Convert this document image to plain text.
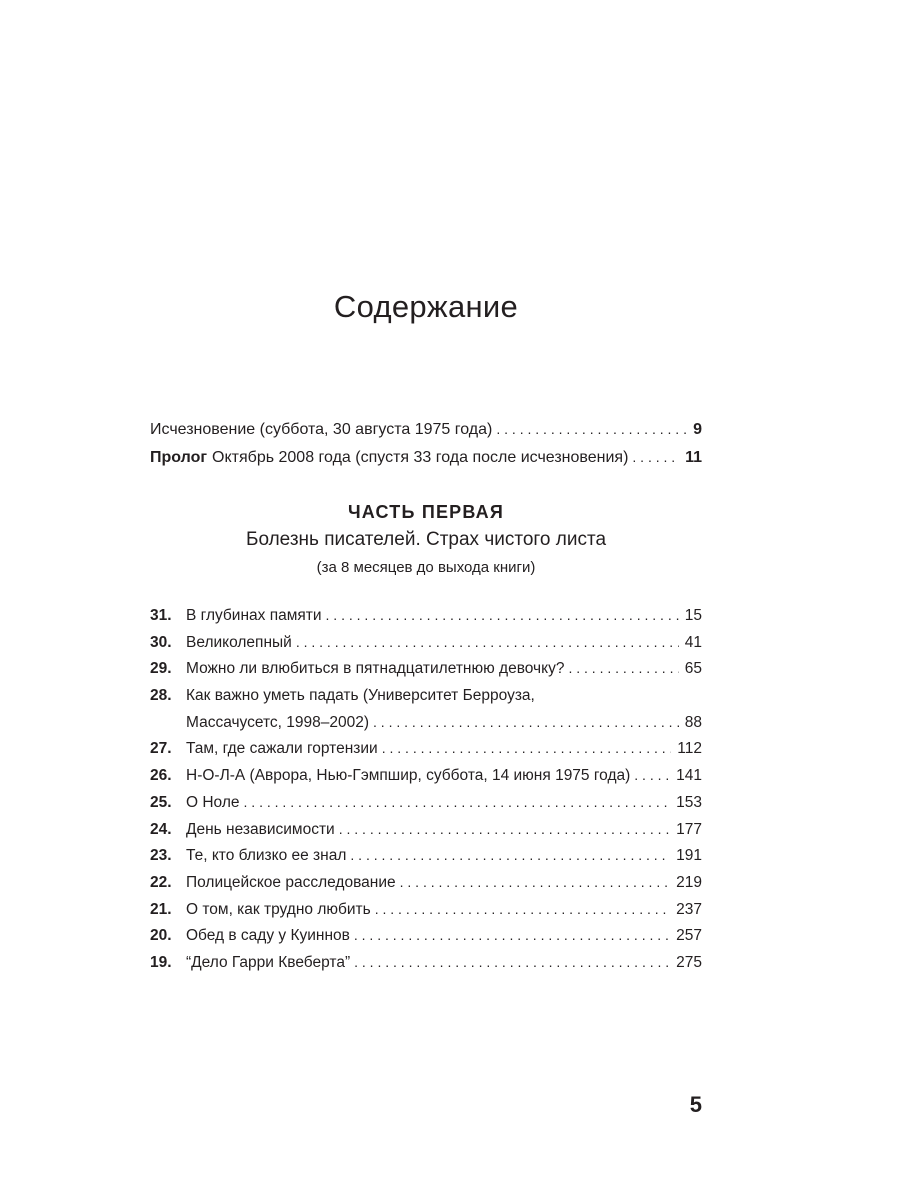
Содержание
Исчезновение (суббота, 30 августа 1975 года) . . .	9
Пролог Октябрь 2008 года (спустя 33 года после исчезновения) . . .	11
ЧАСТЬ ПЕРВАЯ
Болезнь писателей. Страх чистого листа
(за 8 месяцев до выхода книги)
31. В глубинах памяти . . .	15
30. Великолепный . . .	41
29. Можно ли влюбиться в пятнадцатилетнюю девочку? . . .	65
28. Как важно уметь падать (Университет Берроуза,
Массачусетс, 1998–2002) . . .	88
27. Там, где сажали гортензии . . .	112
26. Н-О-Л-А (Аврора, Нью-Гэмпшир, суббота, 14 июня 1975 года) . . .	141
25. О Ноле . . .	153
24. День независимости . . .	177
23. Те, кто близко ее знал . . .	191
22. Полицейское расследование . . .	219
21. О том, как трудно любить . . .	237
20. Обед в саду у Куиннов . . .	257
19. “Дело Гарри Квеберта” . . .	275
5
